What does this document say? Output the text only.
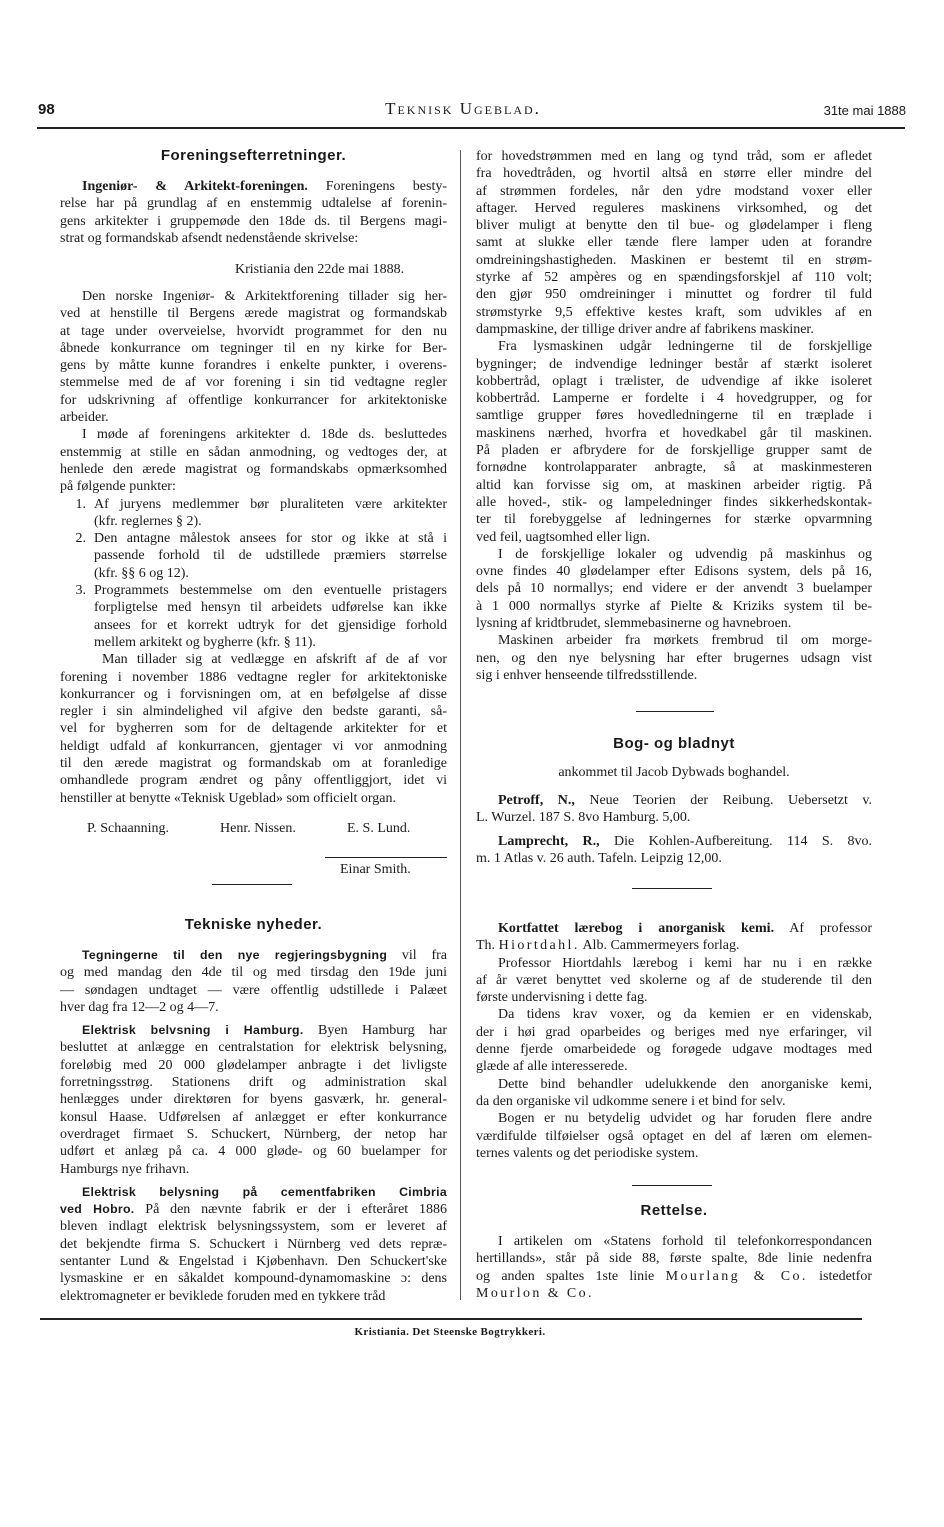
98	Teknisk Ugeblad.	31te mai 1888
Foreningsefterretninger.
Ingeniør- & Arkitekt-foreningen. Foreningens besty-
relse har på grundlag af en enstemmig udtalelse af forenin-
gens arkitekter i gruppemøde den 18de ds. til Bergens magi-
strat og formandskab afsendt nedenstående skrivelse:
Kristiania den 22de mai 1888.
Den norske Ingeniør- & Arkitektforening tillader sig her-
ved at henstille til Bergens ærede magistrat og formandskab
at tage under overveielse, hvorvidt programmet for den nu
åbnede konkurrance om tegninger til en ny kirke for Ber-
gens by måtte kunne forandres i enkelte punkter, i overens-
stemmelse med de af vor forening i sin tid vedtagne regler
for udskrivning af offentlige konkurrancer for arkitektoniske
arbeider.
I møde af foreningens arkitekter d. 18de ds. besluttedes
enstemmig at stille en sådan anmodning, og vedtoges der, at
henlede den ærede magistrat og formandskabs opmærksomhed
på følgende punkter:
1. Af juryens medlemmer bør pluraliteten være arkitekter
(kfr. reglernes § 2).
2. Den antagne målestok ansees for stor og ikke at stå i
passende forhold til de udstillede præmiers størrelse
(kfr. §§ 6 og 12).
3. Programmets bestemmelse om den eventuelle pristagers
forpligtelse med hensyn til arbeidets udførelse kan ikke
ansees for et korrekt udtryk for det gjensidige forhold
mellem arkitekt og bygherre (kfr. § 11).
Man tillader sig at vedlægge en afskrift af de af vor
forening i november 1886 vedtagne regler for arkitektoniske
konkurrancer og i forvisningen om, at en befølgelse af disse
regler i sin almindelighed vil afgive den bedste garanti, så-
vel for bygherren som for de deltagende arkitekter for et
heldigt udfald af konkurrancen, gjentager vi vor anmodning
til den ærede magistrat og formandskab om at foranledige
omhandlede program ændret og påny offentliggjort, idet vi
henstiller at benytte «Teknisk Ugeblad» som officielt organ.
P. Schaanning.	Henr. Nissen.	E. S. Lund.
Einar Smith.
Tekniske nyheder.
Tegningerne til den nye regjeringsbygning vil fra
og med mandag den 4de til og med tirsdag den 19de juni
— søndagen undtaget — være offentlig udstillede i Palæet
hver dag fra 12—2 og 4—7.
Elektrisk belvsning i Hamburg. Byen Hamburg har
besluttet at anlægge en centralstation for elektrisk belysning,
foreløbig med 20 000 glødelamper anbragte i det livligste
forretningsstrøg. Stationens drift og administration skal
henlægges under direktøren for byens gasværk, hr. general-
konsul Haase. Udførelsen af anlægget er efter konkurrance
overdraget firmaet S. Schuckert, Nürnberg, der netop har
udført et anlæg på ca. 4 000 gløde- og 60 buelamper for
Hamburgs nye frihavn.
Elektrisk belysning på cementfabriken Cimbria
ved Hobro. På den nævnte fabrik er der i efteråret 1886
bleven indlagt elektrisk belysningssystem, som er leveret af
det bekjendte firma S. Schuckert i Nürnberg ved dets repræ-
sentanter Lund & Engelstad i Kjøbenhavn. Den Schuckert'ske
lysmaskine er en såkaldet kompound-dynamomaskine ɔ: dens
elektromagneter er beviklede foruden med en tykkere tråd
for hovedstrømmen med en lang og tynd tråd, som er afledet
fra hovedtråden, og hvortil altså en større eller mindre del
af strømmen fordeles, når den ydre modstand voxer eller
aftager. Herved reguleres maskinens virksomhed, og det
bliver muligt at benytte den til bue- og glødelamper i fleng
samt at slukke eller tænde flere lamper uden at forandre
omdreiningshastigheden. Maskinen er bestemt til en strøm-
styrke af 52 ampères og en spændingsforskjel af 110 volt;
den gjør 950 omdreininger i minuttet og fordrer til fuld
strømstyrke 9,5 effektive kestes kraft, som udvikles af en
dampmaskine, der tillige driver andre af fabrikens maskiner.
Fra lysmaskinen udgår ledningerne til de forskjellige
bygninger; de indvendige ledninger består af stærkt isoleret
kobbertråd, oplagt i trælister, de udvendige af ikke isoleret
kobbertråd. Lamperne er fordelte i 4 hovedgrupper, og for
samtlige grupper føres hovedledningerne til en træplade i
maskinens nærhed, hvorfra et hovedkabel går til maskinen.
På pladen er afbrydere for de forskjellige grupper samt de
fornødne kontrolapparater anbragte, så at maskinmesteren
altid kan forvisse sig om, at maskinen arbeider rigtig. På
alle hoved-, stik- og lampeledninger findes sikkerhedskontak-
ter til forebyggelse af ledningernes for stærke opvarmning
ved feil, uagtsomhed eller lign.
I de forskjellige lokaler og udvendig på maskinhus og
ovne findes 40 glødelamper efter Edisons system, dels på 16,
dels på 10 normallys; end videre er der anvendt 3 buelamper
à 1 000 normallys styrke af Pielte & Kriziks system til be-
lysning af kridtbrudet, slemmebasinerne og havnebroen.
Maskinen arbeider fra mørkets frembrud til om morge-
nen, og den nye belysning har efter brugernes udsagn vist
sig i enhver henseende tilfredsstillende.
Bog- og bladnyt
ankommet til Jacob Dybwads boghandel.
Petroff, N., Neue Teorien der Reibung. Uebersetzt v.
L. Wurzel. 187 S. 8vo Hamburg. 5,00.
Lamprecht, R., Die Kohlen-Aufbereitung. 114 S. 8vo.
m. 1 Atlas v. 26 auth. Tafeln. Leipzig 12,00.
Kortfattet lærebog i anorganisk kemi. Af professor
Th. Hiortdahl. Alb. Cammermeyers forlag.
Professor Hiortdahls lærebog i kemi har nu i en række
af år været benyttet ved skolerne og af de studerende til den
første undervisning i dette fag.
Da tidens krav voxer, og da kemien er en videnskab,
der i høi grad oparbeides og beriges med nye erfaringer, vil
denne fjerde omarbeidede og forøgede udgave modtages med
glæde af alle interesserede.
Dette bind behandler udelukkende den anorganiske kemi,
da den organiske vil udkomme senere i et bind for selv.
Bogen er nu betydelig udvidet og har foruden flere andre
værdifulde tilføielser også optaget en del af læren om elemen-
ternes valents og det periodiske system.
Rettelse.
I artikelen om «Statens forhold til telefonkorrespondancen
hertillands», står på side 88, første spalte, 8de linie nedenfra
og anden spaltes 1ste linie Mourlang & Co. istedetfor
Mourlon & Co.
Kristiania. Det Steenske Bogtrykkeri.
